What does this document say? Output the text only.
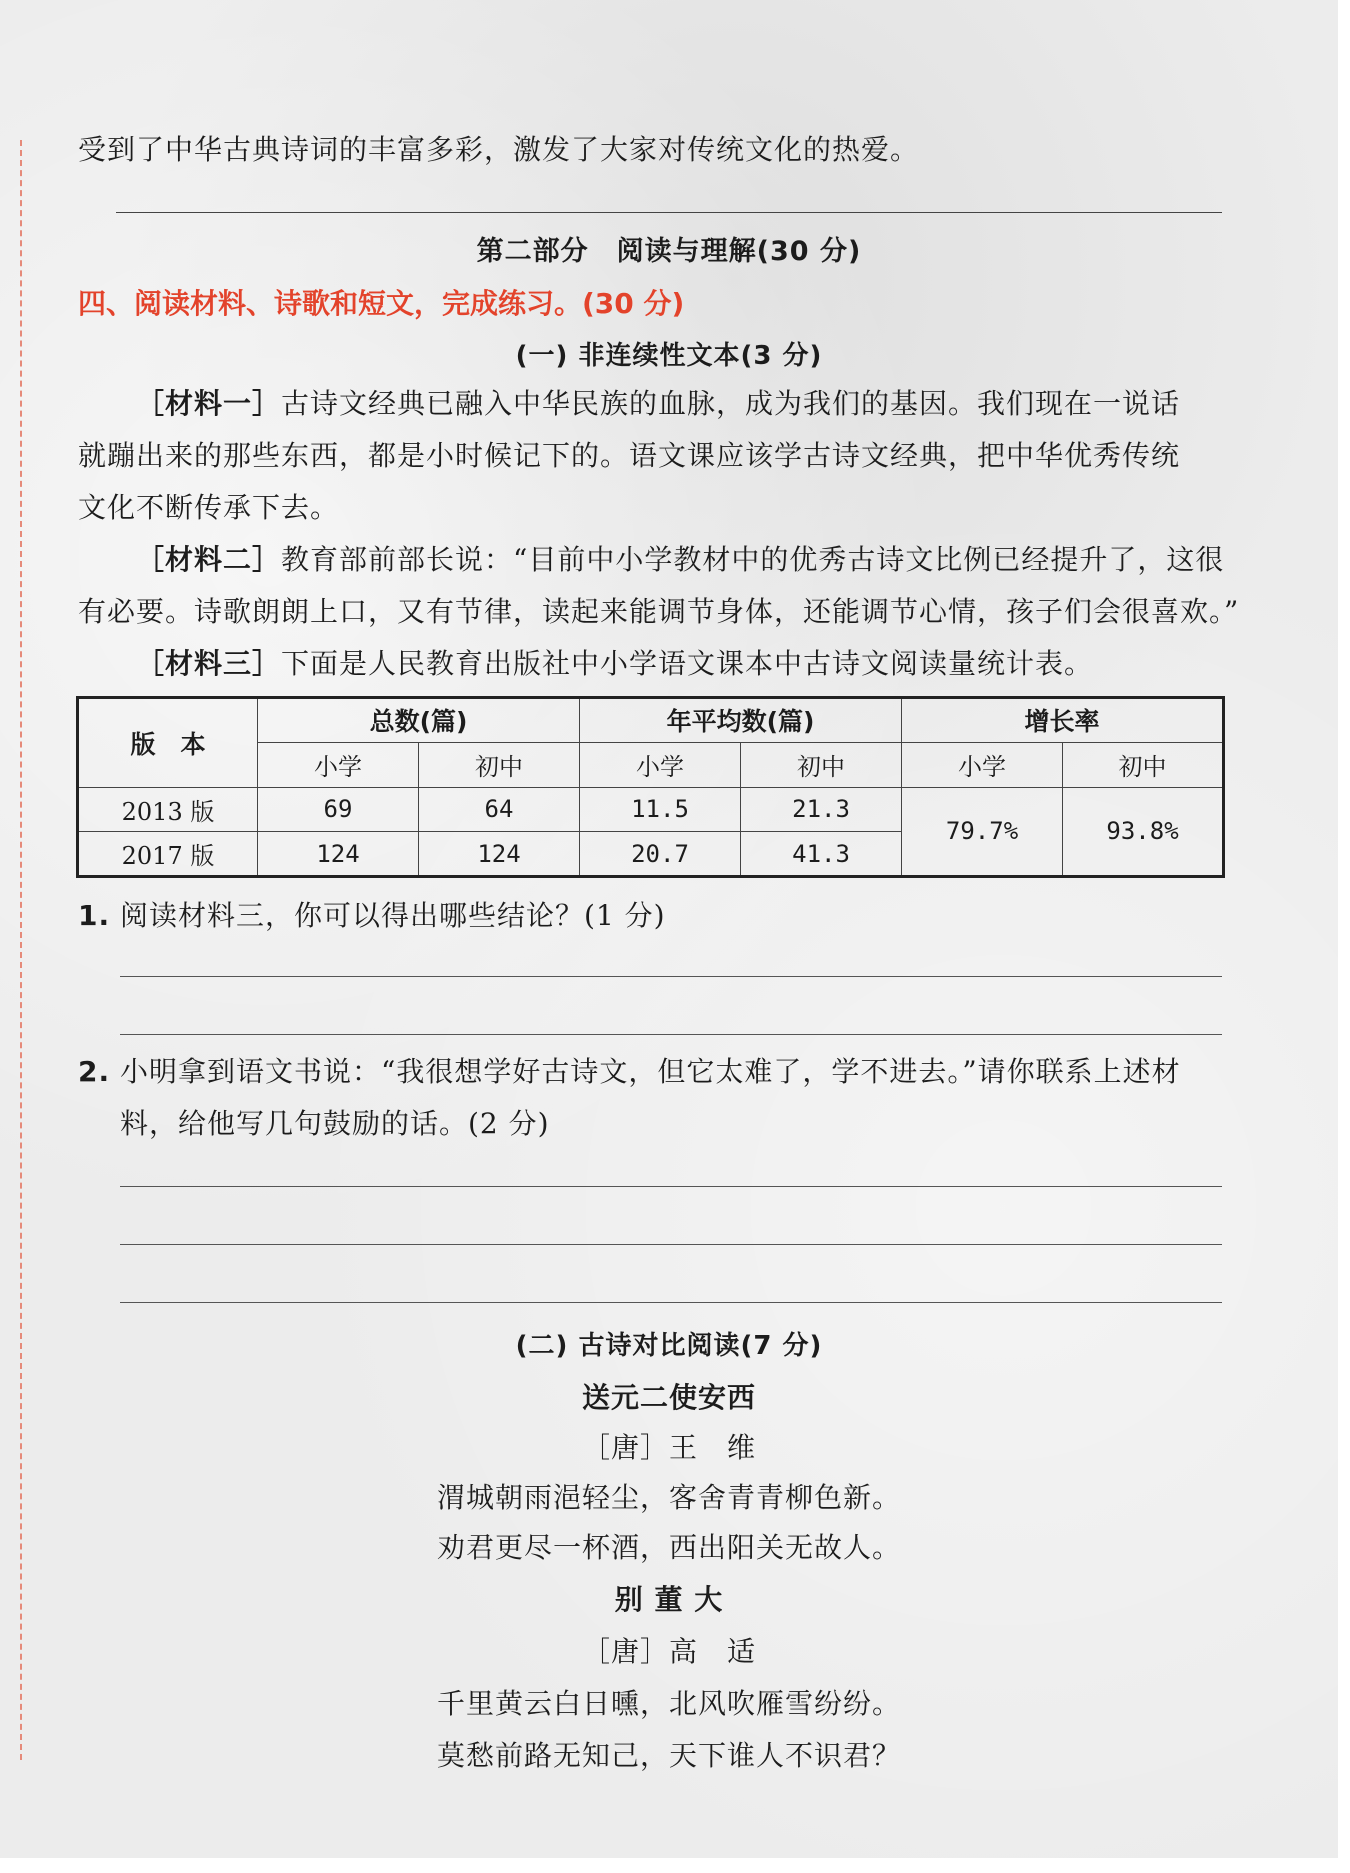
受到了中华古典诗词的丰富多彩，激发了大家对传统文化的热爱。
第二部分　阅读与理解(30 分)
四、阅读材料、诗歌和短文，完成练习。(30 分)
(一) 非连续性文本(3 分)
［材料一］古诗文经典已融入中华民族的血脉，成为我们的基因。我们现在一说话
就蹦出来的那些东西，都是小时候记下的。语文课应该学古诗文经典，把中华优秀传统
文化不断传承下去。
［材料二］教育部前部长说：“目前中小学教材中的优秀古诗文比例已经提升了，这很
有必要。诗歌朗朗上口，又有节律，读起来能调节身体，还能调节心情，孩子们会很喜欢。”
［材料三］下面是人民教育出版社中小学语文课本中古诗文阅读量统计表。
版　本	总数(篇)		年平均数(篇)		增长率	
	小学	初中	小学	初中	小学	初中
2013 版	69	64	11.5	21.3	79.7%	93.8%
2017 版	124	124	20.7	41.3		
1. 阅读材料三，你可以得出哪些结论？(1 分)
2. 小明拿到语文书说：“我很想学好古诗文，但它太难了，学不进去。”请你联系上述材
料，给他写几句鼓励的话。(2 分)
(二) 古诗对比阅读(7 分)
送元二使安西
［唐］王　维
渭城朝雨浥轻尘，客舍青青柳色新。
劝君更尽一杯酒，西出阳关无故人。
别 董 大
［唐］高　适
千里黄云白日曛，北风吹雁雪纷纷。
莫愁前路无知己，天下谁人不识君？
